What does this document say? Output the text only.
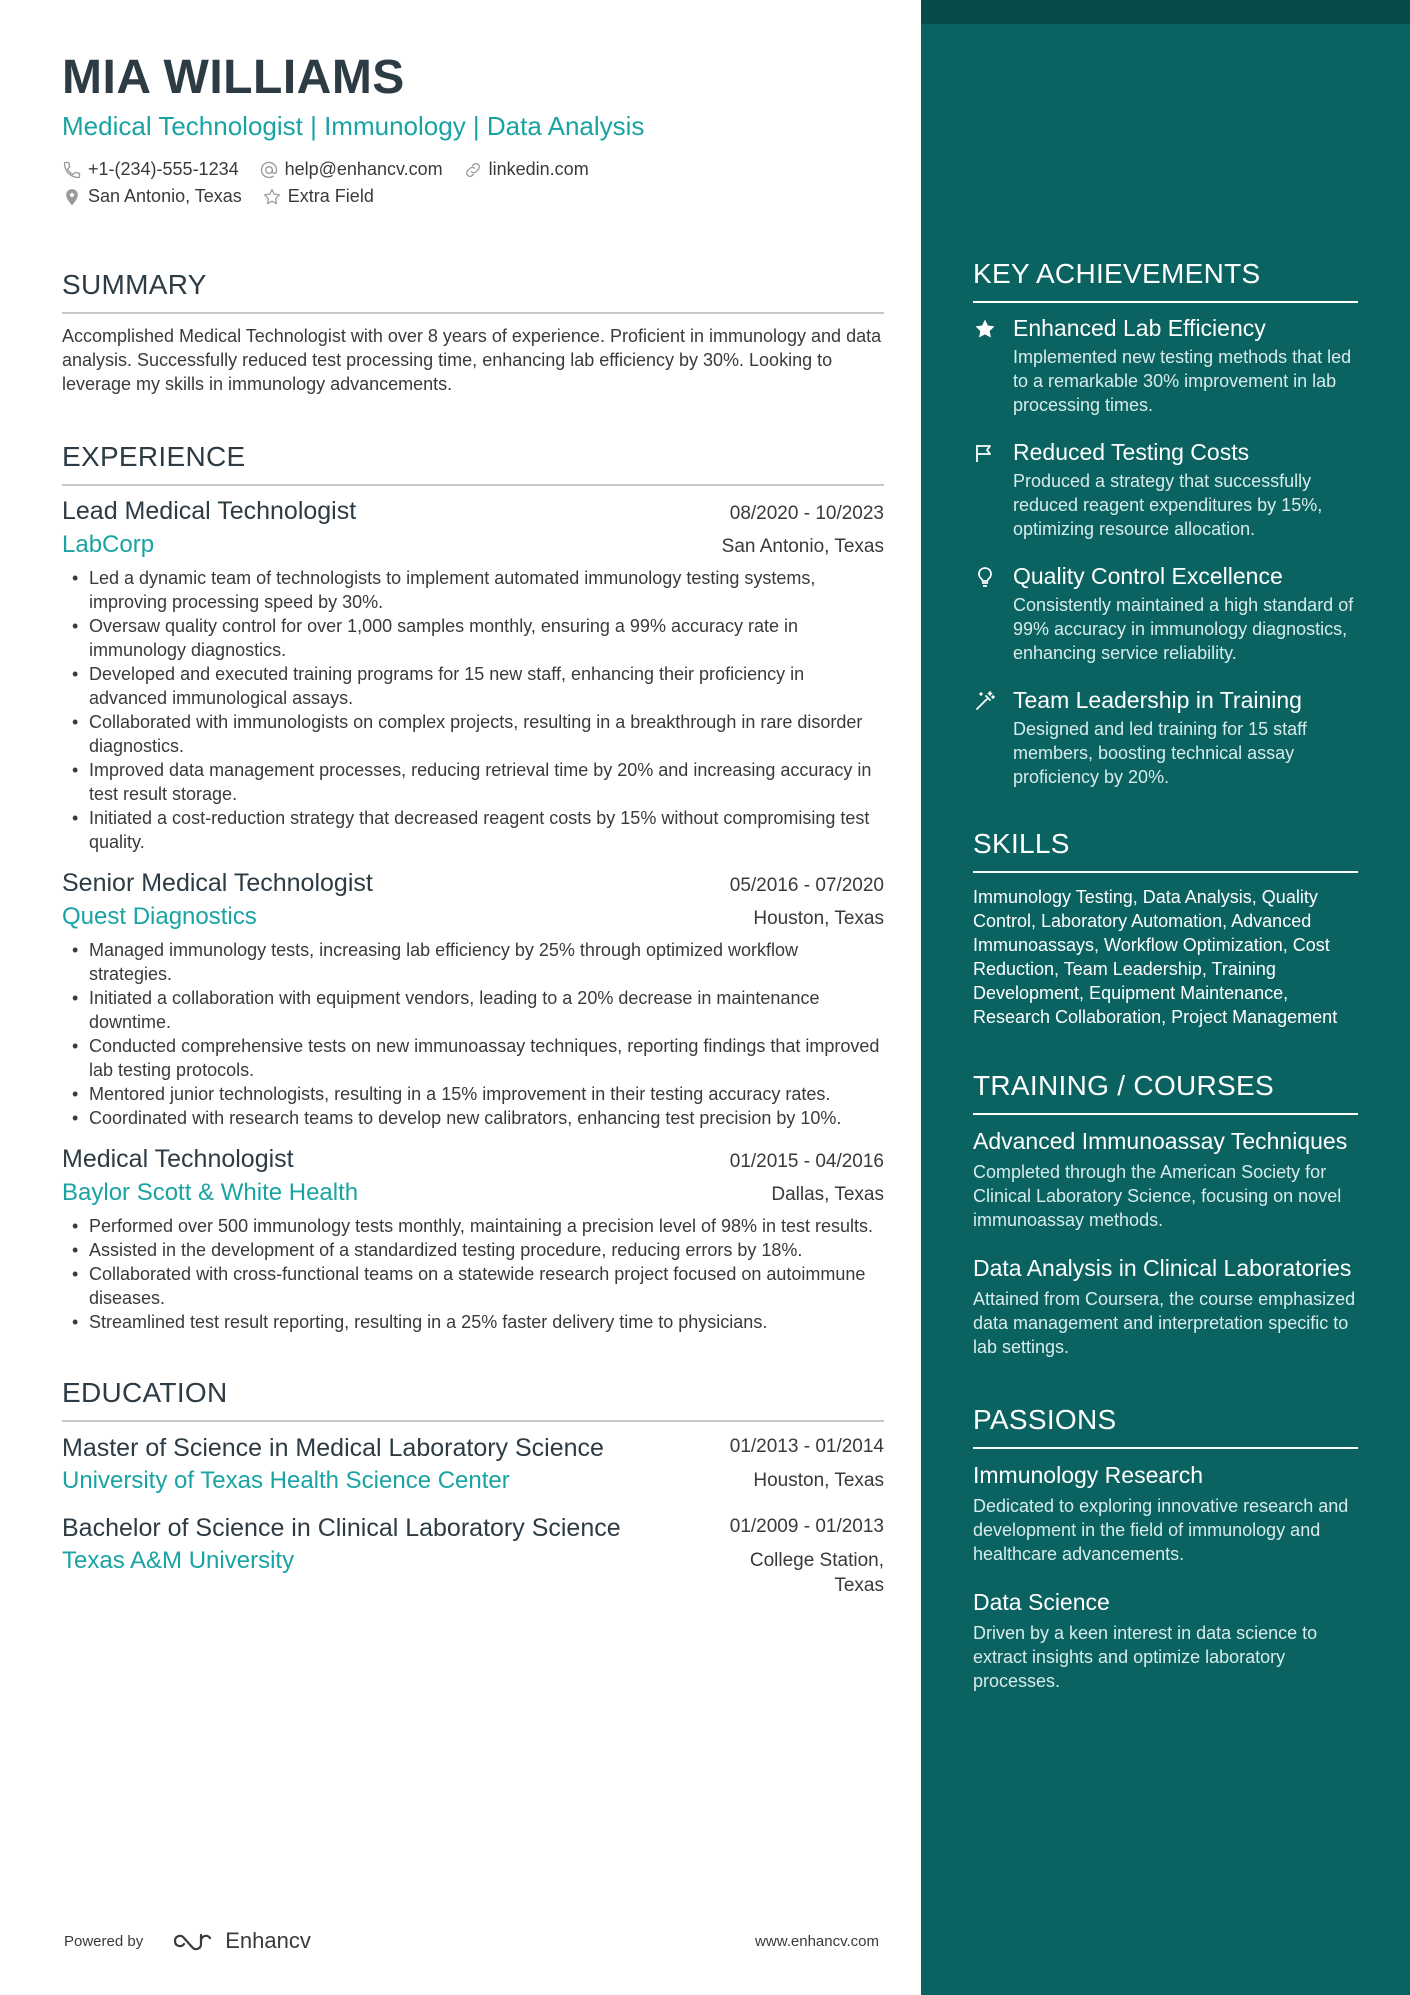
MIA WILLIAMS
Medical Technologist | Immunology | Data Analysis
+1-(234)-555-1234	help@enhancv.com	linkedin.com
San Antonio, Texas	Extra Field
SUMMARY
Accomplished Medical Technologist with over 8 years of experience. Proficient in immunology and data analysis. Successfully reduced test processing time, enhancing lab efficiency by 30%. Looking to leverage my skills in immunology advancements.
EXPERIENCE
Lead Medical Technologist	08/2020 - 10/2023
LabCorp	San Antonio, Texas
• Led a dynamic team of technologists to implement automated immunology testing systems, improving processing speed by 30%.
• Oversaw quality control for over 1,000 samples monthly, ensuring a 99% accuracy rate in immunology diagnostics.
• Developed and executed training programs for 15 new staff, enhancing their proficiency in advanced immunological assays.
• Collaborated with immunologists on complex projects, resulting in a breakthrough in rare disorder diagnostics.
• Improved data management processes, reducing retrieval time by 20% and increasing accuracy in test result storage.
• Initiated a cost-reduction strategy that decreased reagent costs by 15% without compromising test quality.
Senior Medical Technologist	05/2016 - 07/2020
Quest Diagnostics	Houston, Texas
• Managed immunology tests, increasing lab efficiency by 25% through optimized workflow strategies.
• Initiated a collaboration with equipment vendors, leading to a 20% decrease in maintenance downtime.
• Conducted comprehensive tests on new immunoassay techniques, reporting findings that improved lab testing protocols.
• Mentored junior technologists, resulting in a 15% improvement in their testing accuracy rates.
• Coordinated with research teams to develop new calibrators, enhancing test precision by 10%.
Medical Technologist	01/2015 - 04/2016
Baylor Scott & White Health	Dallas, Texas
• Performed over 500 immunology tests monthly, maintaining a precision level of 98% in test results.
• Assisted in the development of a standardized testing procedure, reducing errors by 18%.
• Collaborated with cross-functional teams on a statewide research project focused on autoimmune diseases.
• Streamlined test result reporting, resulting in a 25% faster delivery time to physicians.
EDUCATION
Master of Science in Medical Laboratory Science	01/2013 - 01/2014
University of Texas Health Science Center	Houston, Texas
Bachelor of Science in Clinical Laboratory Science	01/2009 - 01/2013
Texas A&M University	College Station, Texas
Powered by	Enhancv	www.enhancv.com
KEY ACHIEVEMENTS
Enhanced Lab Efficiency
Implemented new testing methods that led to a remarkable 30% improvement in lab processing times.
Reduced Testing Costs
Produced a strategy that successfully reduced reagent expenditures by 15%, optimizing resource allocation.
Quality Control Excellence
Consistently maintained a high standard of 99% accuracy in immunology diagnostics, enhancing service reliability.
Team Leadership in Training
Designed and led training for 15 staff members, boosting technical assay proficiency by 20%.
SKILLS
Immunology Testing, Data Analysis, Quality Control, Laboratory Automation, Advanced Immunoassays, Workflow Optimization, Cost Reduction, Team Leadership, Training Development, Equipment Maintenance, Research Collaboration, Project Management
TRAINING / COURSES
Advanced Immunoassay Techniques
Completed through the American Society for Clinical Laboratory Science, focusing on novel immunoassay methods.
Data Analysis in Clinical Laboratories
Attained from Coursera, the course emphasized data management and interpretation specific to lab settings.
PASSIONS
Immunology Research
Dedicated to exploring innovative research and development in the field of immunology and healthcare advancements.
Data Science
Driven by a keen interest in data science to extract insights and optimize laboratory processes.
